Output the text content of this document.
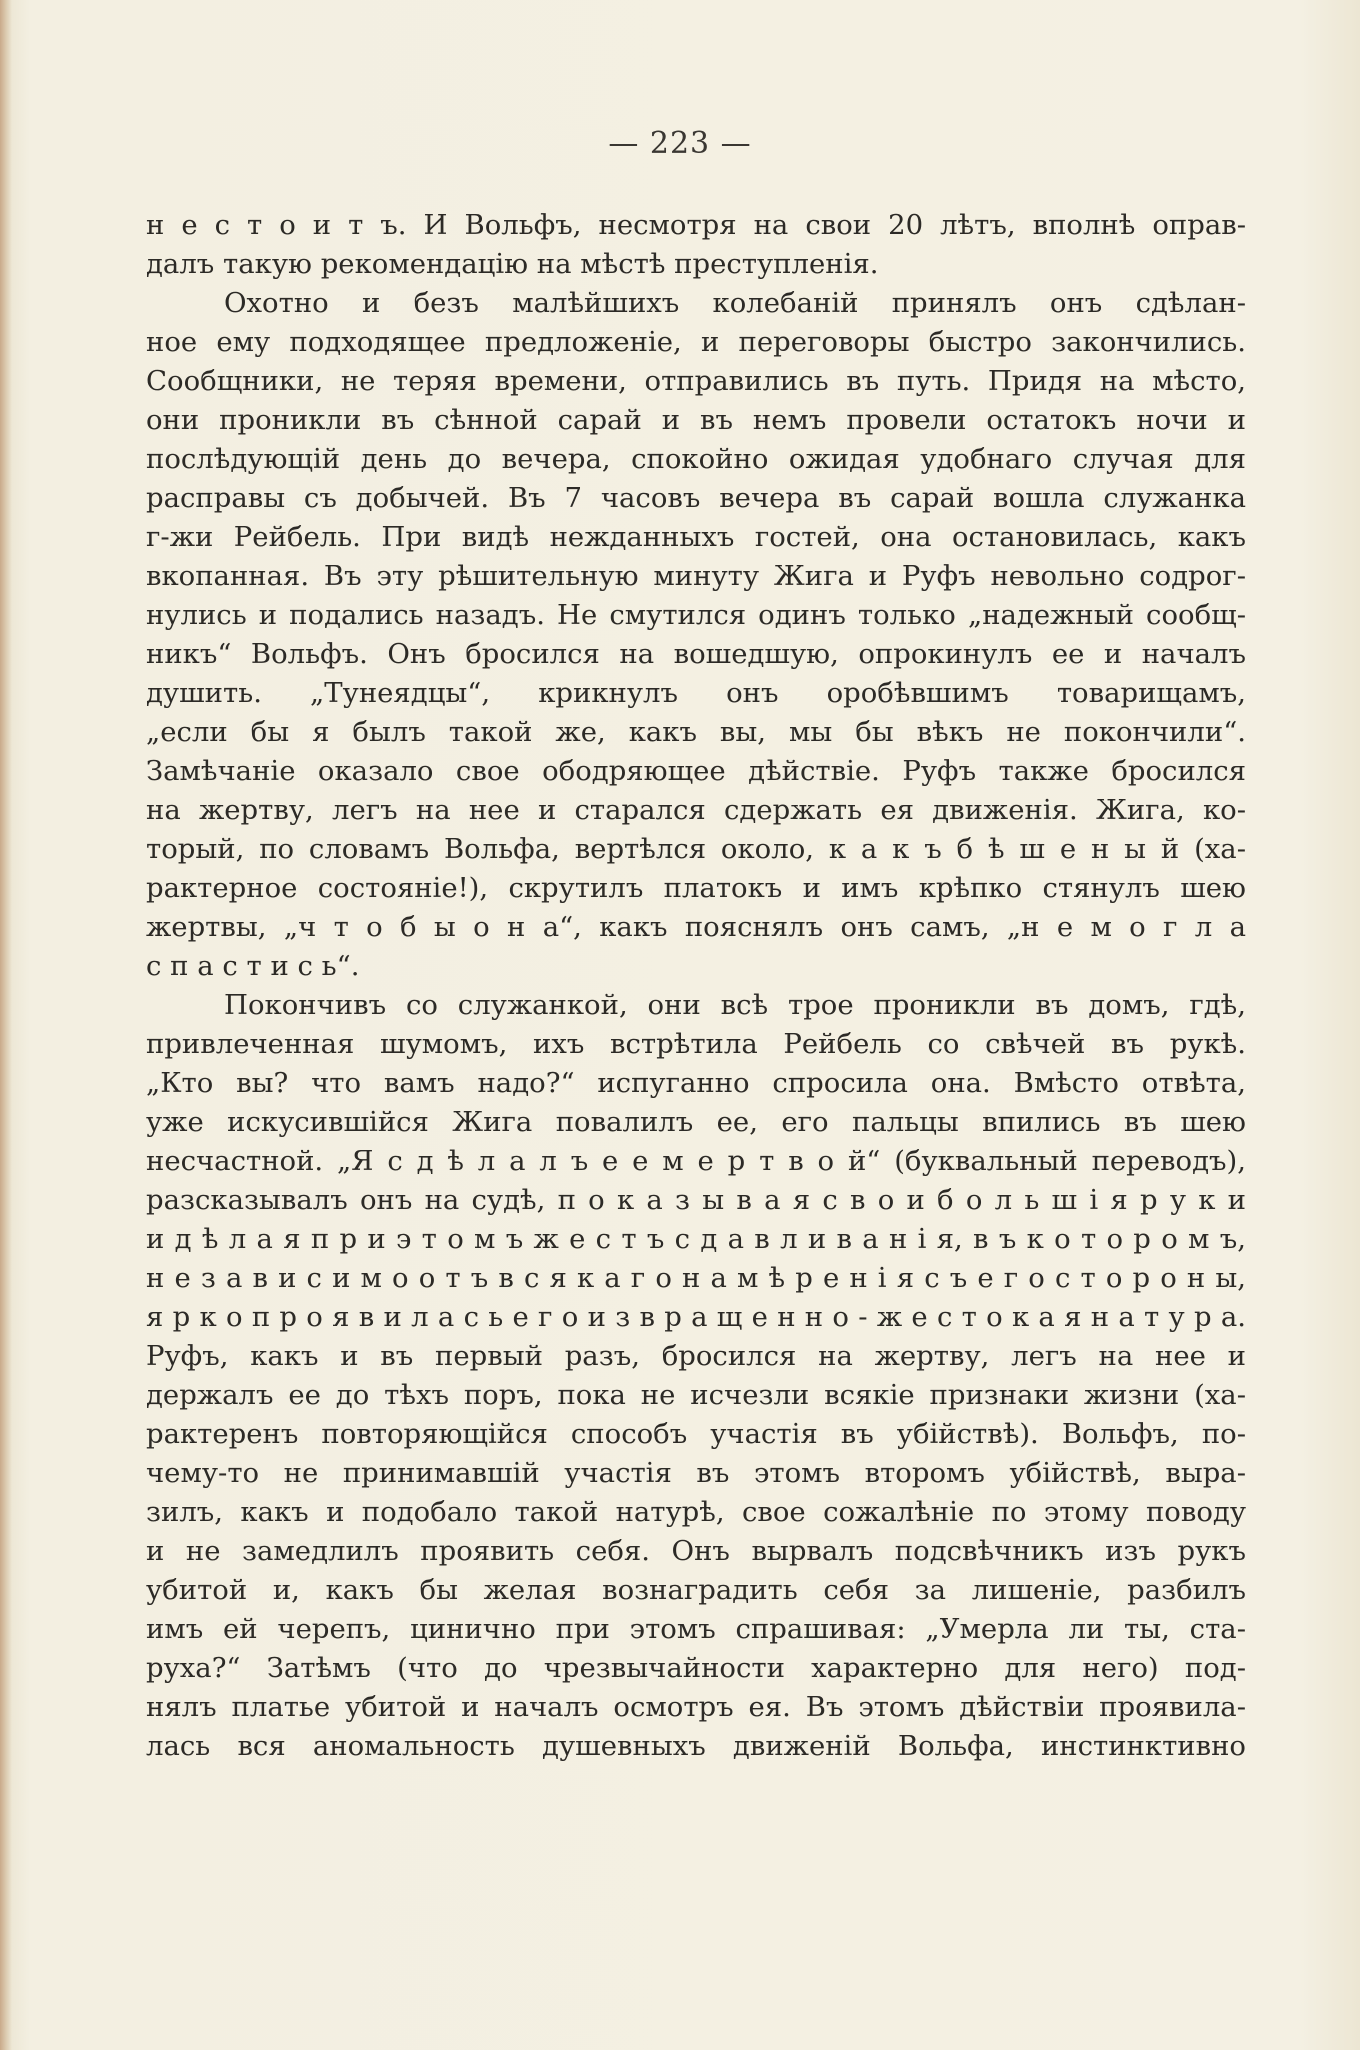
— 223 —
н е с т о и т ъ. И Вольфъ, несмотря на свои 20 лѣтъ, вполнѣ оправ-
далъ такую рекомендацію на мѣстѣ преступленія.
Охотно и безъ малѣйшихъ колебаній принялъ онъ сдѣлан-
ное ему подходящее предложеніе, и переговоры быстро закончились.
Сообщники, не теряя времени, отправились въ путь. Придя на мѣсто,
они проникли въ сѣнной сарай и въ немъ провели остатокъ ночи и
послѣдующій день до вечера, спокойно ожидая удобнаго случая для
расправы съ добычей. Въ 7 часовъ вечера въ сарай вошла служанка
г-жи Рейбель. При видѣ нежданныхъ гостей, она остановилась, какъ
вкопанная. Въ эту рѣшительную минуту Жига и Руфъ невольно содрог-
нулись и подались назадъ. Не смутился одинъ только „надежный сообщ-
никъ“ Вольфъ. Онъ бросился на вошедшую, опрокинулъ ее и началъ
душить. „Тунеядцы“, крикнулъ онъ оробѣвшимъ товарищамъ,
„если бы я былъ такой же, какъ вы, мы бы вѣкъ не покончили“.
Замѣчаніе оказало свое ободряющее дѣйствіе. Руфъ также бросился
на жертву, легъ на нее и старался сдержать ея движенія. Жига, ко-
торый, по словамъ Вольфа, вертѣлся около, к а к ъ б ѣ ш е н ы й (ха-
рактерное состояніе!), скрутилъ платокъ и имъ крѣпко стянулъ шею
жертвы, „ч т о б ы о н а“, какъ пояснялъ онъ самъ, „н е м о г л а
с п а с т и с ь“.
Покончивъ со служанкой, они всѣ трое проникли въ домъ, гдѣ,
привлеченная шумомъ, ихъ встрѣтила Рейбель со свѣчей въ рукѣ.
„Кто вы? что вамъ надо?“ испуганно спросила она. Вмѣсто отвѣта,
уже искусившійся Жига повалилъ ее, его пальцы впились въ шею
несчастной. „Я с д ѣ л а л ъ е е м е р т в о й“ (буквальный переводъ),
разсказывалъ онъ на судѣ, п о к а з ы в а я с в о и б о л ь ш і я р у к и
и д ѣ л а я п р и э т о м ъ ж е с т ъ с д а в л и в а н і я, в ъ к о т о р о м ъ,
н е з а в и с и м о о т ъ в с я к а г о н а м ѣ р е н і я с ъ е г о с т о р о н ы,
я р к о п р о я в и л а с ь е г о и з в р а щ е н н о - ж е с т о к а я н а т у р а.
Руфъ, какъ и въ первый разъ, бросился на жертву, легъ на нее и
держалъ ее до тѣхъ поръ, пока не исчезли всякіе признаки жизни (ха-
рактеренъ повторяющійся способъ участія въ убійствѣ). Вольфъ, по-
чему-то не принимавшій участія въ этомъ второмъ убійствѣ, выра-
зилъ, какъ и подобало такой натурѣ, свое сожалѣніе по этому поводу
и не замедлилъ проявить себя. Онъ вырвалъ подсвѣчникъ изъ рукъ
убитой и, какъ бы желая вознаградить себя за лишеніе, разбилъ
имъ ей черепъ, цинично при этомъ спрашивая: „Умерла ли ты, ста-
руха?“ Затѣмъ (что до чрезвычайности характерно для него) под-
нялъ платье убитой и началъ осмотръ ея. Въ этомъ дѣйствіи проявила-
лась вся аномальность душевныхъ движеній Вольфа, инстинктивно
